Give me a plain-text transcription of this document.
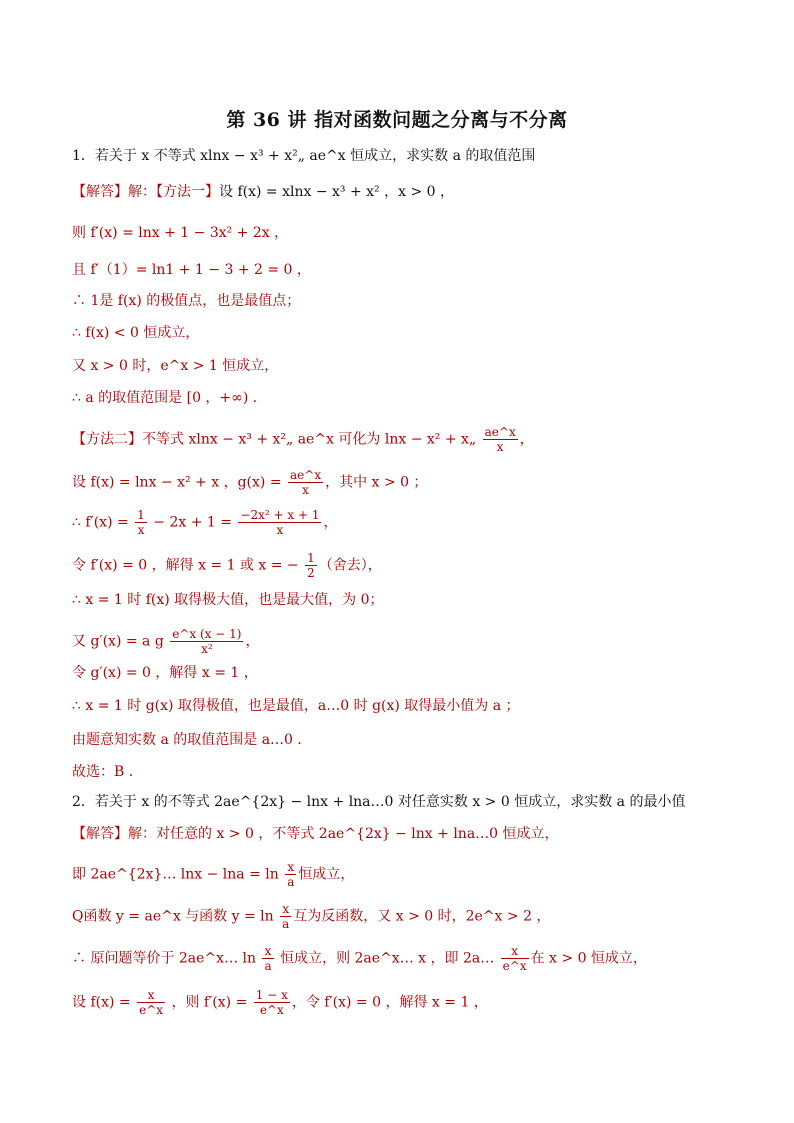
第 36 讲 指对函数问题之分离与不分离
1．若关于 x 不等式 xlnx − x³ + x²„ ae^x 恒成立，求实数 a 的取值范围
【解答】解：【方法一】设 f(x) = xlnx − x³ + x² ，x > 0 ，
则 f′(x) = lnx + 1 − 3x² + 2x ，
且 f′（1）= ln1 + 1 − 3 + 2 = 0 ，
∴ 1是 f(x) 的极值点，也是最值点；
∴ f(x) < 0 恒成立，
又 x > 0 时，e^x > 1 恒成立，
∴ a 的取值范围是 [0 ，+∞) ．
【方法二】不等式 xlnx − x³ + x²„ ae^x 可化为 lnx − x² + x„ $\frac{ae\^{}x}{x}$ ，
设 f(x) = lnx − x² + x ，$g(x) = \frac{ae\^{}x}{x}$ ，其中 x > 0 ；
∴ $f'(x) = \frac{1}{x} - 2x + 1 = \frac{\text{−2x² + x + 1}}{x}$ ，
令 f′(x) = 0 ，解得 x = 1 或 x = − $\frac{1}{2}$ （舍去），
∴ x = 1 时 f(x) 取得极大值，也是最大值，为 0；
又 g′(x) = a g $\frac{e\^{}x (x - 1)}{\text{x²}}$ ，
令 g′(x) = 0 ，解得 x = 1 ，
∴ x = 1 时 g(x) 取得极值，也是最值，a…0 时 g(x) 取得最小值为 a ；
由题意知实数 a 的取值范围是 a…0 ．
故选：B ．
2．若关于 x 的不等式 2ae^{2x} − lnx + lna…0 对任意实数 x > 0 恒成立，求实数 a 的最小值
【解答】解：对任意的 x > 0 ，不等式 2ae^{2x} − lnx + lna…0 恒成立，
即 2ae^{2x}… $\ln x - \ln a = \ln \frac{x}{a}$ 恒成立，
Q函数 y = ae^x 与函数 $y = \ln \frac{x}{a}$ 互为反函数，又 x > 0 时，2e^x > 2 ，
∴ 原问题等价于 2ae^x… $\ln \frac{x}{a}$ 恒成立，则 2ae^x… x ，即 2a… $\frac{x}{e\^{}x}$ 在 x > 0 恒成立，
设 $f(x) = \frac{x}{e\^{}x}$ ，则 $f'(x) = \frac{1 - x}{e\^{}x}$ ，令 f′(x) = 0 ，解得 x = 1 ，
